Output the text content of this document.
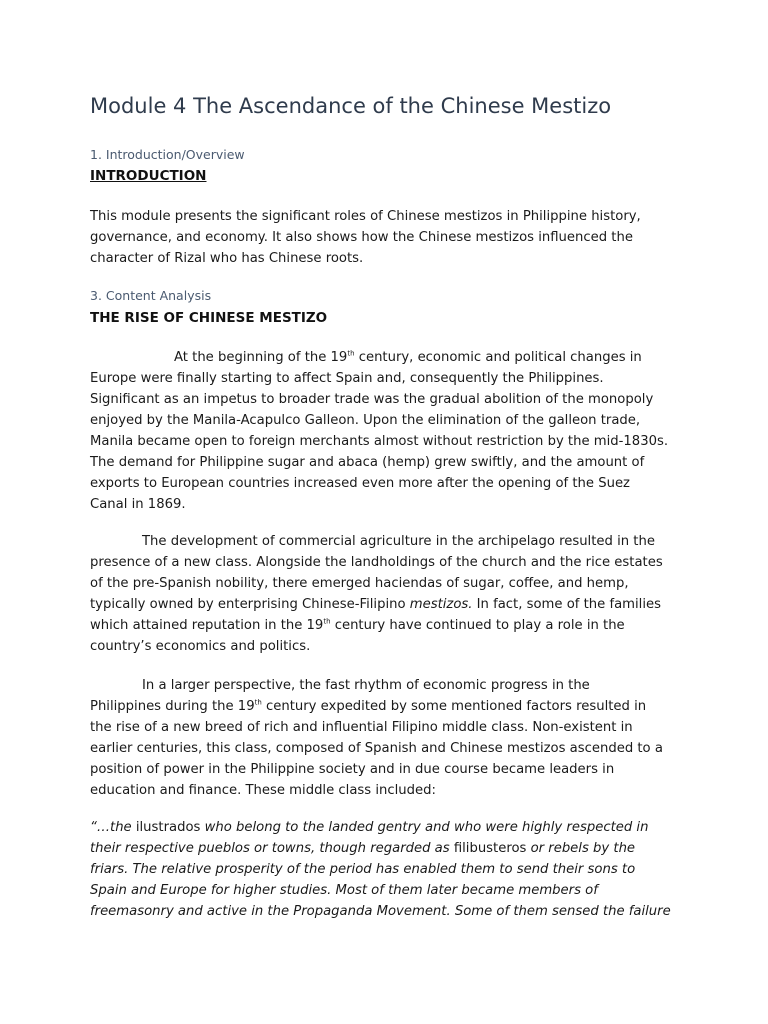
Module 4 The Ascendance of the Chinese Mestizo
1. Introduction/Overview
INTRODUCTION

This module presents the significant roles of Chinese mestizos in Philippine history,
governance, and economy. It also shows how the Chinese mestizos influenced the
character of Rizal who has Chinese roots.

3. Content Analysis
THE RISE OF CHINESE MESTIZO

At the beginning of the 19th century, economic and political changes in
Europe were finally starting to affect Spain and, consequently the Philippines.
Significant as an impetus to broader trade was the gradual abolition of the monopoly
enjoyed by the Manila-Acapulco Galleon. Upon the elimination of the galleon trade,
Manila became open to foreign merchants almost without restriction by the mid-1830s.
The demand for Philippine sugar and abaca (hemp) grew swiftly, and the amount of
exports to European countries increased even more after the opening of the Suez
Canal in 1869.

The development of commercial agriculture in the archipelago resulted in the
presence of a new class. Alongside the landholdings of the church and the rice estates
of the pre-Spanish nobility, there emerged haciendas of sugar, coffee, and hemp,
typically owned by enterprising Chinese-Filipino mestizos. In fact, some of the families
which attained reputation in the 19th century have continued to play a role in the
country’s economics and politics.

In a larger perspective, the fast rhythm of economic progress in the
Philippines during the 19th century expedited by some mentioned factors resulted in
the rise of a new breed of rich and influential Filipino middle class. Non-existent in
earlier centuries, this class, composed of Spanish and Chinese mestizos ascended to a
position of power in the Philippine society and in due course became leaders in
education and finance. These middle class included:

“…the ilustrados who belong to the landed gentry and who were highly respected in
their respective pueblos or towns, though regarded as filibusteros or rebels by the
friars. The relative prosperity of the period has enabled them to send their sons to
Spain and Europe for higher studies. Most of them later became members of
freemasonry and active in the Propaganda Movement. Some of them sensed the failure
